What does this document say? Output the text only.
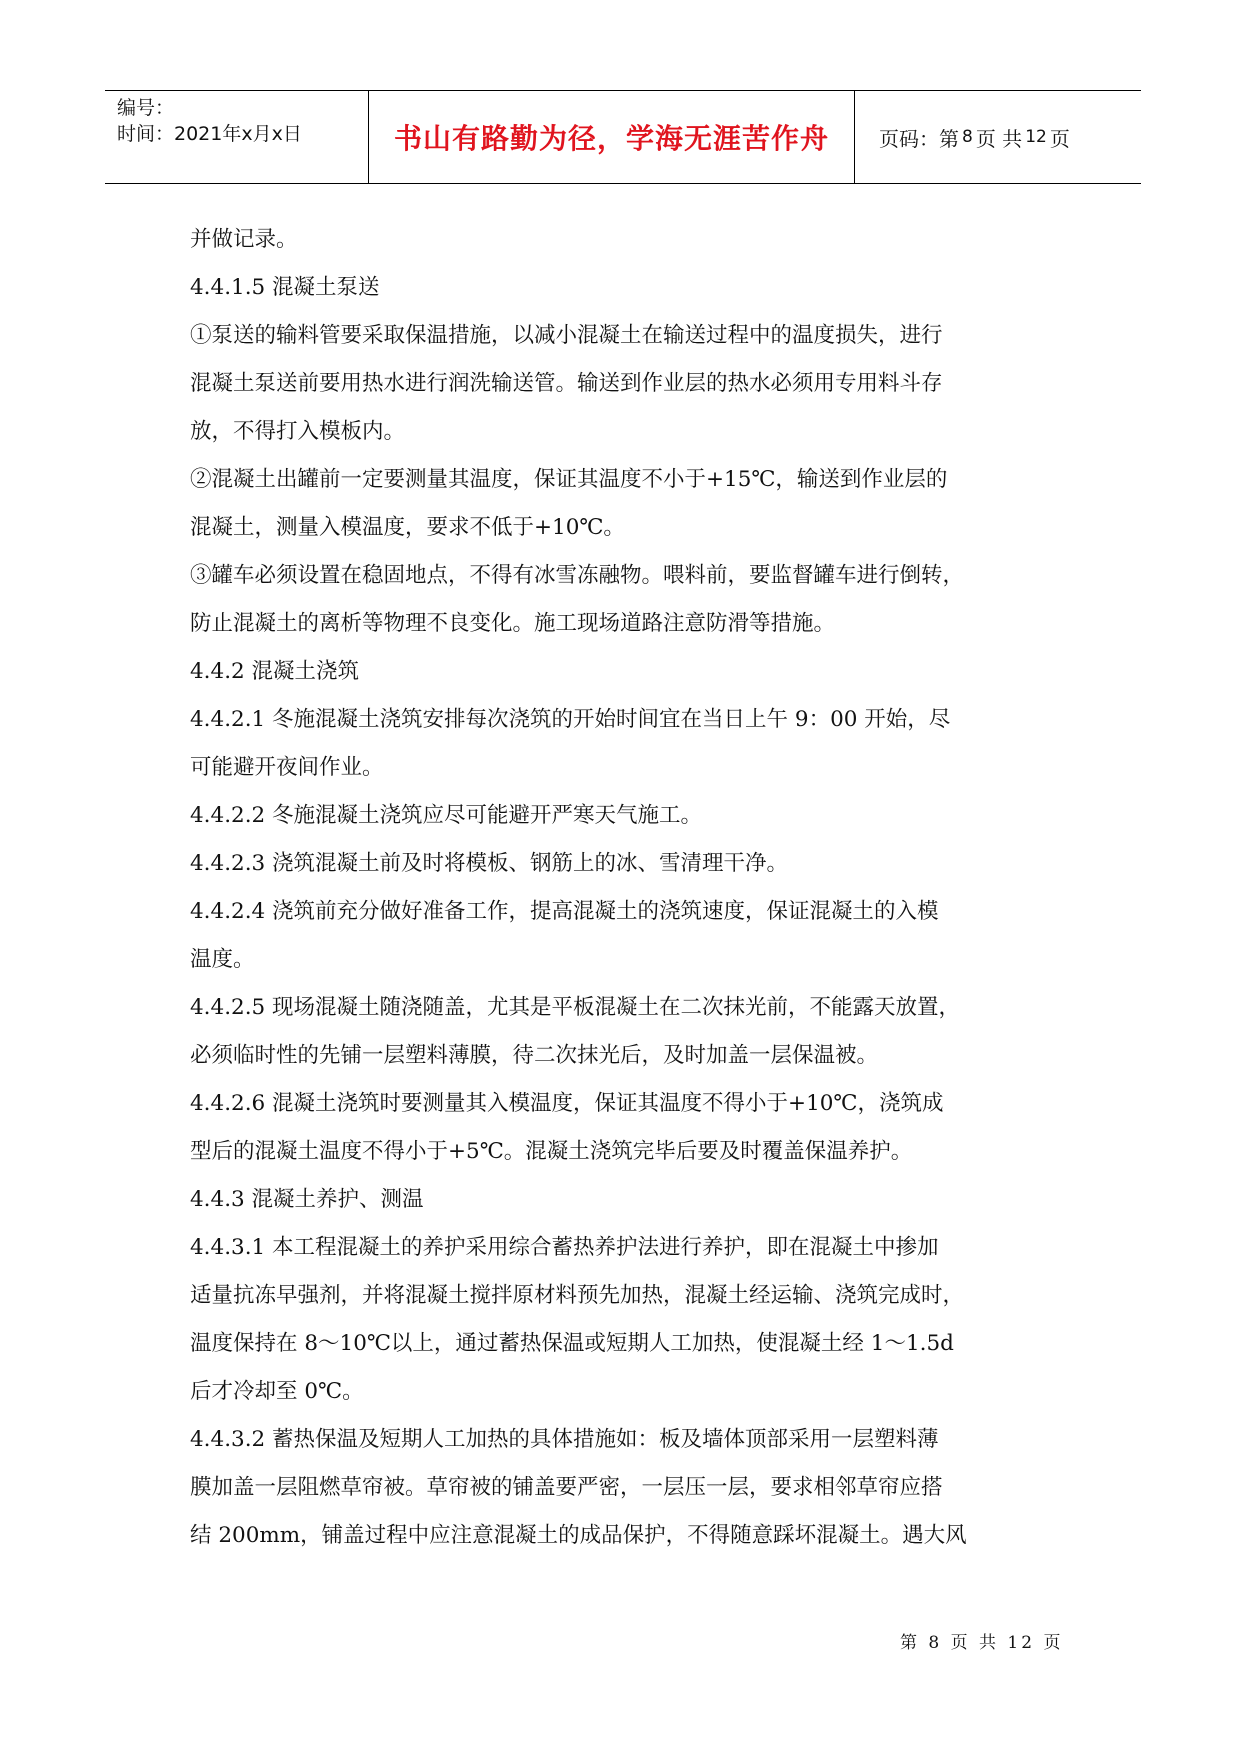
编号：
时间：2021年x月x日	书山有路勤为径，学海无涯苦作舟	页码：第 8 页 共 12 页
并做记录。
4.4.1.5 混凝土泵送
①泵送的输料管要采取保温措施，以减小混凝土在输送过程中的温度损失，进行
混凝土泵送前要用热水进行润洗输送管。输送到作业层的热水必须用专用料斗存
放，不得打入模板内。
②混凝土出罐前一定要测量其温度，保证其温度不小于+15℃，输送到作业层的
混凝土，测量入模温度，要求不低于+10℃。
③罐车必须设置在稳固地点，不得有冰雪冻融物。喂料前，要监督罐车进行倒转，
防止混凝土的离析等物理不良变化。施工现场道路注意防滑等措施。
4.4.2 混凝土浇筑
4.4.2.1 冬施混凝土浇筑安排每次浇筑的开始时间宜在当日上午 9：00 开始，尽
可能避开夜间作业。
4.4.2.2 冬施混凝土浇筑应尽可能避开严寒天气施工。
4.4.2.3 浇筑混凝土前及时将模板、钢筋上的冰、雪清理干净。
4.4.2.4 浇筑前充分做好准备工作，提高混凝土的浇筑速度，保证混凝土的入模
温度。
4.4.2.5 现场混凝土随浇随盖，尤其是平板混凝土在二次抹光前，不能露天放置，
必须临时性的先铺一层塑料薄膜，待二次抹光后，及时加盖一层保温被。
4.4.2.6 混凝土浇筑时要测量其入模温度，保证其温度不得小于+10℃，浇筑成
型后的混凝土温度不得小于+5℃。混凝土浇筑完毕后要及时覆盖保温养护。
4.4.3 混凝土养护、测温
4.4.3.1 本工程混凝土的养护采用综合蓄热养护法进行养护，即在混凝土中掺加
适量抗冻早强剂，并将混凝土搅拌原材料预先加热，混凝土经运输、浇筑完成时，
温度保持在 8～10℃以上，通过蓄热保温或短期人工加热，使混凝土经 1～1.5d
后才冷却至 0℃。
4.4.3.2 蓄热保温及短期人工加热的具体措施如：板及墙体顶部采用一层塑料薄
膜加盖一层阻燃草帘被。草帘被的铺盖要严密，一层压一层，要求相邻草帘应搭
结 200mm，铺盖过程中应注意混凝土的成品保护，不得随意踩坏混凝土。遇大风
第 8 页 共 12 页
